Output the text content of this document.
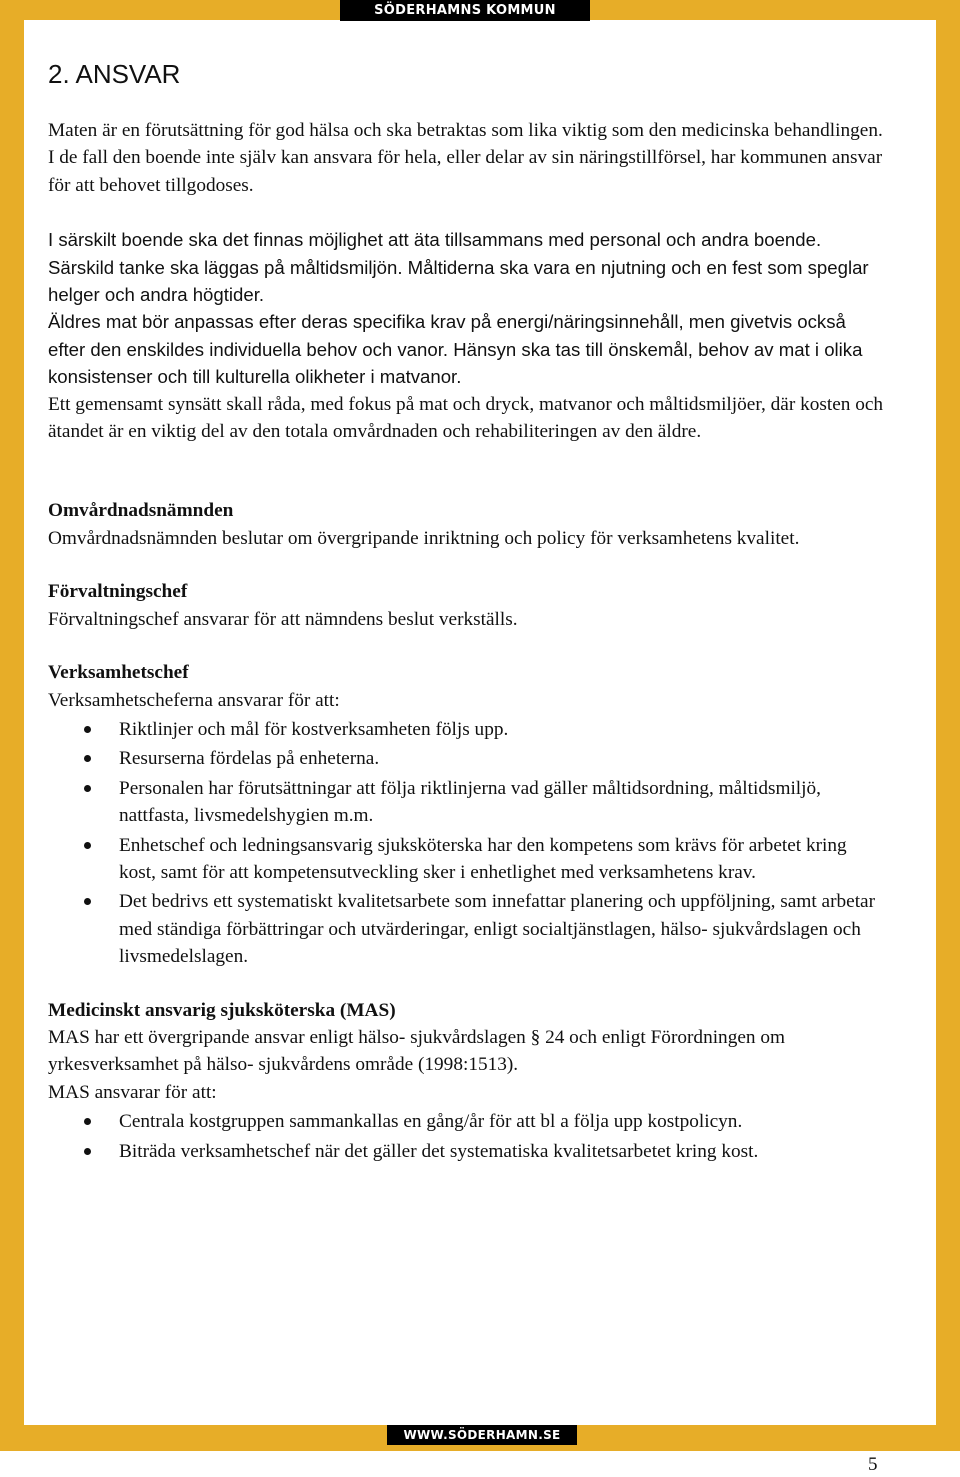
SÖDERHAMNS KOMMUN
WWW.SÖDERHAMN.SE
2. ANSVAR

Maten är en förutsättning för god hälsa och ska betraktas som lika viktig som den medicinska behandlingen. I de fall den boende inte själv kan ansvara för hela, eller delar av sin näringstillförsel, har kommunen ansvar för att behovet tillgodoses.

I särskilt boende ska det finnas möjlighet att äta tillsammans med personal och andra boende. Särskild tanke ska läggas på måltidsmiljön. Måltiderna ska vara en njutning och en fest som speglar helger och andra högtider.

Äldres mat bör anpassas efter deras specifika krav på energi/näringsinnehåll, men givetvis också efter den enskildes individuella behov och vanor. Hänsyn ska tas till önskemål, behov av mat i olika konsistenser och till kulturella olikheter i matvanor.

Ett gemensamt synsätt skall råda, med fokus på mat och dryck, matvanor och måltidsmiljöer, där kosten och ätandet är en viktig del av den totala omvårdnaden och rehabiliteringen av den äldre.

Omvårdnadsnämnden

Omvårdnadsnämnden beslutar om övergripande inriktning och policy för verksamhetens kvalitet.

Förvaltningschef

Förvaltningschef ansvarar för att nämndens beslut verkställs.

Verksamhetschef

Verksamhetscheferna ansvarar för att:

Riktlinjer och mål för kostverksamheten följs upp.
Resurserna fördelas på enheterna.
Personalen har förutsättningar att följa riktlinjerna vad gäller måltidsordning, måltidsmiljö, nattfasta, livsmedelshygien m.m.
Enhetschef och ledningsansvarig sjuksköterska har den kompetens som krävs för arbetet kring kost, samt för att kompetensutveckling sker i enhetlighet med verksamhetens krav.
Det bedrivs ett systematiskt kvalitetsarbete som innefattar planering och uppföljning, samt arbetar med ständiga förbättringar och utvärderingar, enligt socialtjänstlagen, hälso- sjukvårdslagen och livsmedelslagen.

Medicinskt ansvarig sjuksköterska (MAS)

MAS har ett övergripande ansvar enligt hälso- sjukvårdslagen § 24 och enligt Förordningen om yrkesverksamhet på hälso- sjukvårdens område (1998:1513).

MAS ansvarar för att:

Centrala kostgruppen sammankallas en gång/år för att bl a följa upp kostpolicyn.
Biträda verksamhetschef när det gäller det systematiska kvalitetsarbetet kring kost.
5
